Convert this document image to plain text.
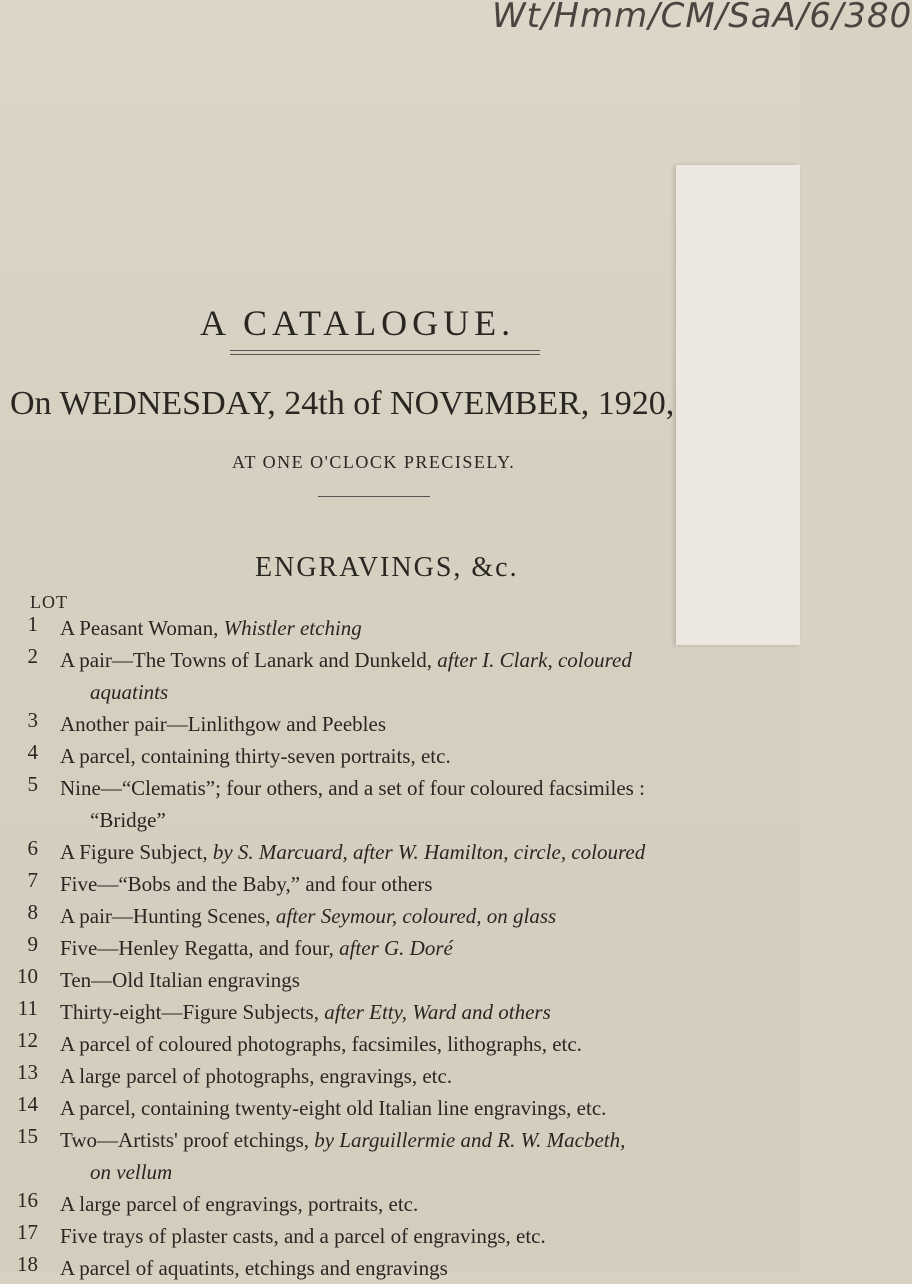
Wt/Hmm/CM/SaA/6/380
A CATALOGUE.
On WEDNESDAY, 24th of NOVEMBER, 1920,
AT ONE O'CLOCK PRECISELY.
ENGRAVINGS, &c.
LOT
1 A Peasant Woman, Whistler etching
2 A pair—The Towns of Lanark and Dunkeld, after I. Clark, coloured
aquatints
3 Another pair—Linlithgow and Peebles
4 A parcel, containing thirty-seven portraits, etc.
5 Nine—“Clematis”; four others, and a set of four coloured facsimiles :
“Bridge”
6 A Figure Subject, by S. Marcuard, after W. Hamilton, circle, coloured
7 Five—“Bobs and the Baby,” and four others
8 A pair—Hunting Scenes, after Seymour, coloured, on glass
9 Five—Henley Regatta, and four, after G. Doré
10 Ten—Old Italian engravings
11 Thirty-eight—Figure Subjects, after Etty, Ward and others
12 A parcel of coloured photographs, facsimiles, lithographs, etc.
13 A large parcel of photographs, engravings, etc.
14 A parcel, containing twenty-eight old Italian line engravings, etc.
15 Two—Artists' proof etchings, by Larguillermie and R. W. Macbeth,
on vellum
16 A large parcel of engravings, portraits, etc.
17 Five trays of plaster casts, and a parcel of engravings, etc.
18 A parcel of aquatints, etchings and engravings
